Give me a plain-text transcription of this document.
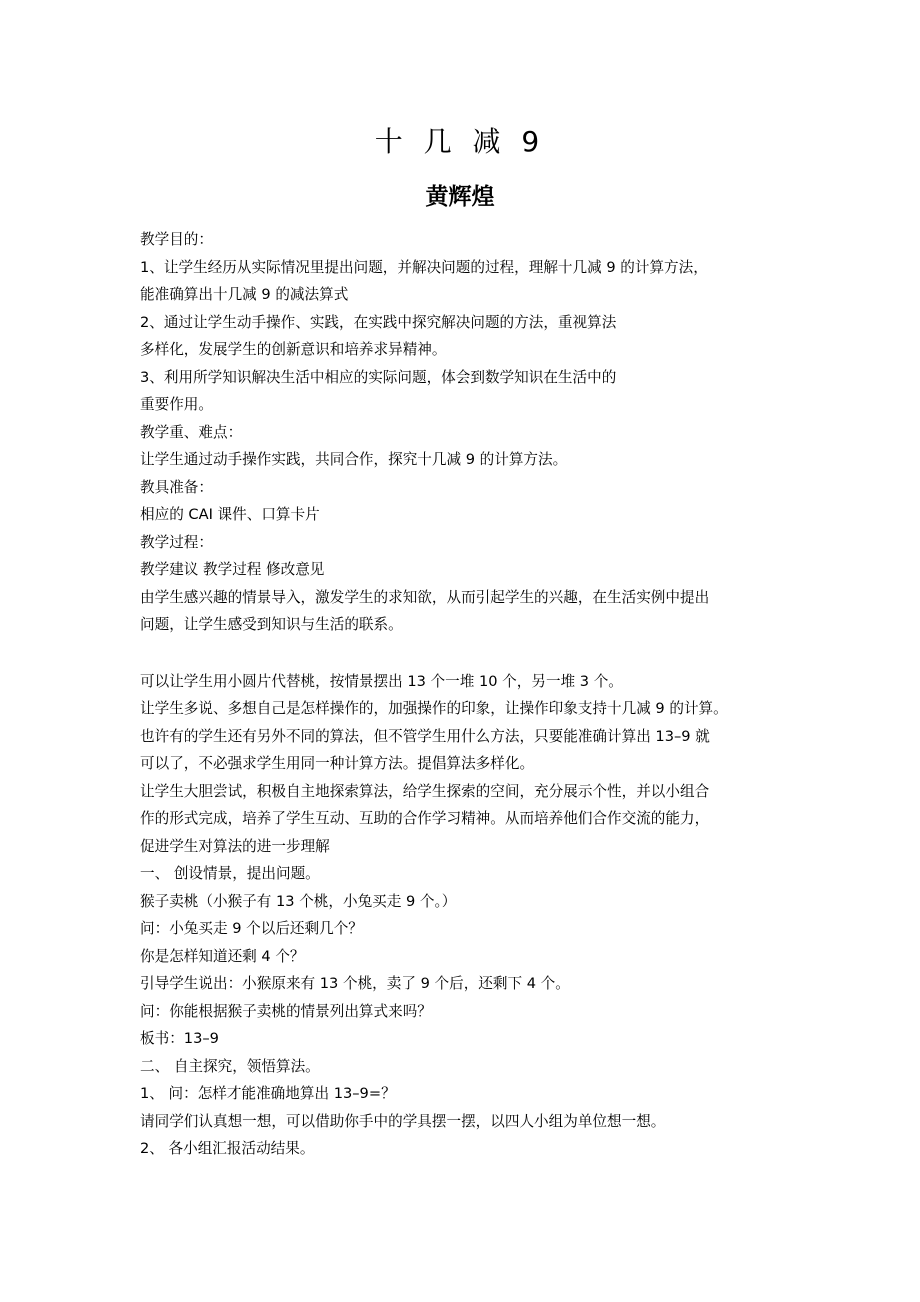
十 几 减 9
黄辉煌
教学目的：
1、让学生经历从实际情况里提出问题，并解决问题的过程，理解十几减 9 的计算方法，
能准确算出十几减 9 的减法算式
2、通过让学生动手操作、实践，在实践中探究解决问题的方法，重视算法
多样化，发展学生的创新意识和培养求异精神。
3、利用所学知识解决生活中相应的实际问题，体会到数学知识在生活中的
重要作用。
教学重、难点：
让学生通过动手操作实践，共同合作，探究十几减 9 的计算方法。
教具准备：
相应的 CAI 课件、口算卡片
教学过程：
教学建议 教学过程 修改意见
由学生感兴趣的情景导入，激发学生的求知欲，从而引起学生的兴趣，在生活实例中提出
问题，让学生感受到知识与生活的联系。
可以让学生用小圆片代替桃，按情景摆出 13 个一堆 10 个，另一堆 3 个。
让学生多说、多想自己是怎样操作的，加强操作的印象，让操作印象支持十几减 9 的计算。
也许有的学生还有另外不同的算法，但不管学生用什么方法，只要能准确计算出 13–9 就
可以了，不必强求学生用同一种计算方法。提倡算法多样化。
让学生大胆尝试，积极自主地探索算法，给学生探索的空间，充分展示个性，并以小组合
作的形式完成，培养了学生互动、互助的合作学习精神。从而培养他们合作交流的能力，
促进学生对算法的进一步理解
一、 创设情景，提出问题。
猴子卖桃（小猴子有 13 个桃，小兔买走 9 个。）
问：小兔买走 9 个以后还剩几个？
你是怎样知道还剩 4 个？
引导学生说出：小猴原来有 13 个桃，卖了 9 个后，还剩下 4 个。
问：你能根据猴子卖桃的情景列出算式来吗？
板书：13–9
二、 自主探究，领悟算法。
1、 问：怎样才能准确地算出 13–9=？
请同学们认真想一想，可以借助你手中的学具摆一摆，以四人小组为单位想一想。
2、 各小组汇报活动结果。
